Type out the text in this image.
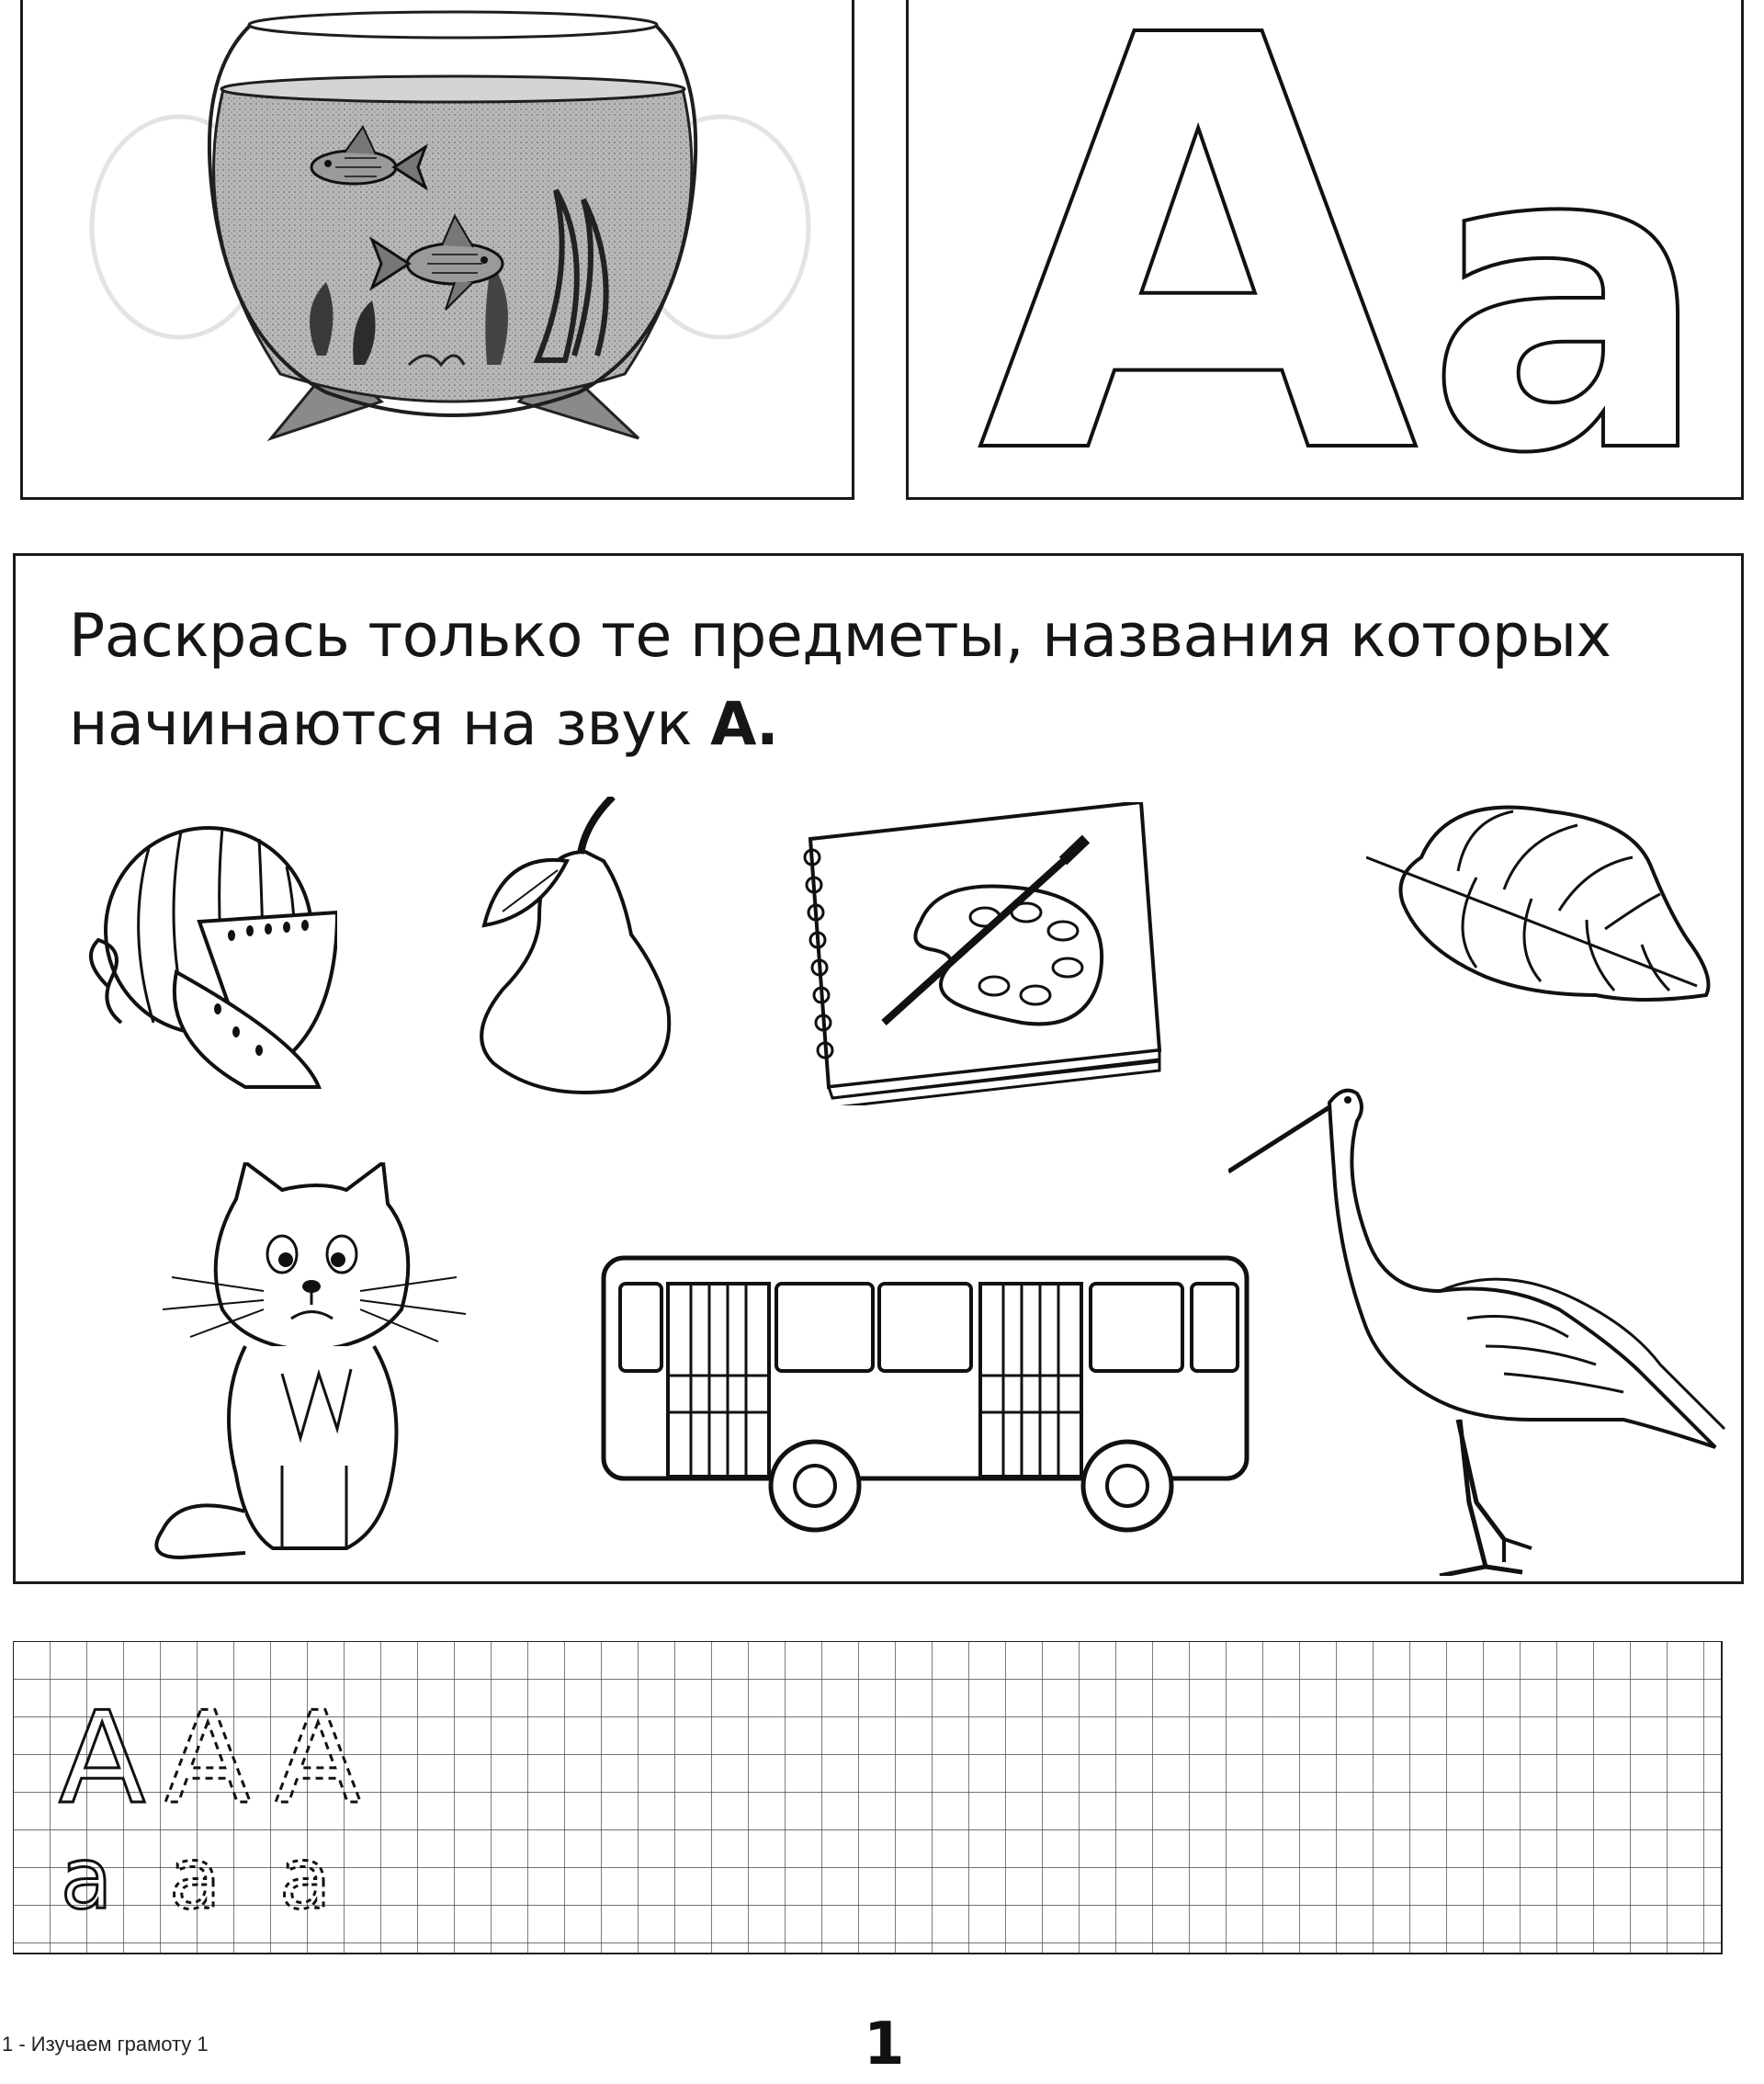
A a
Раскрась только те предметы, названия которых
начинаются на звук А.
A A A
a a a
1 - Изучаем грамоту 1	1
